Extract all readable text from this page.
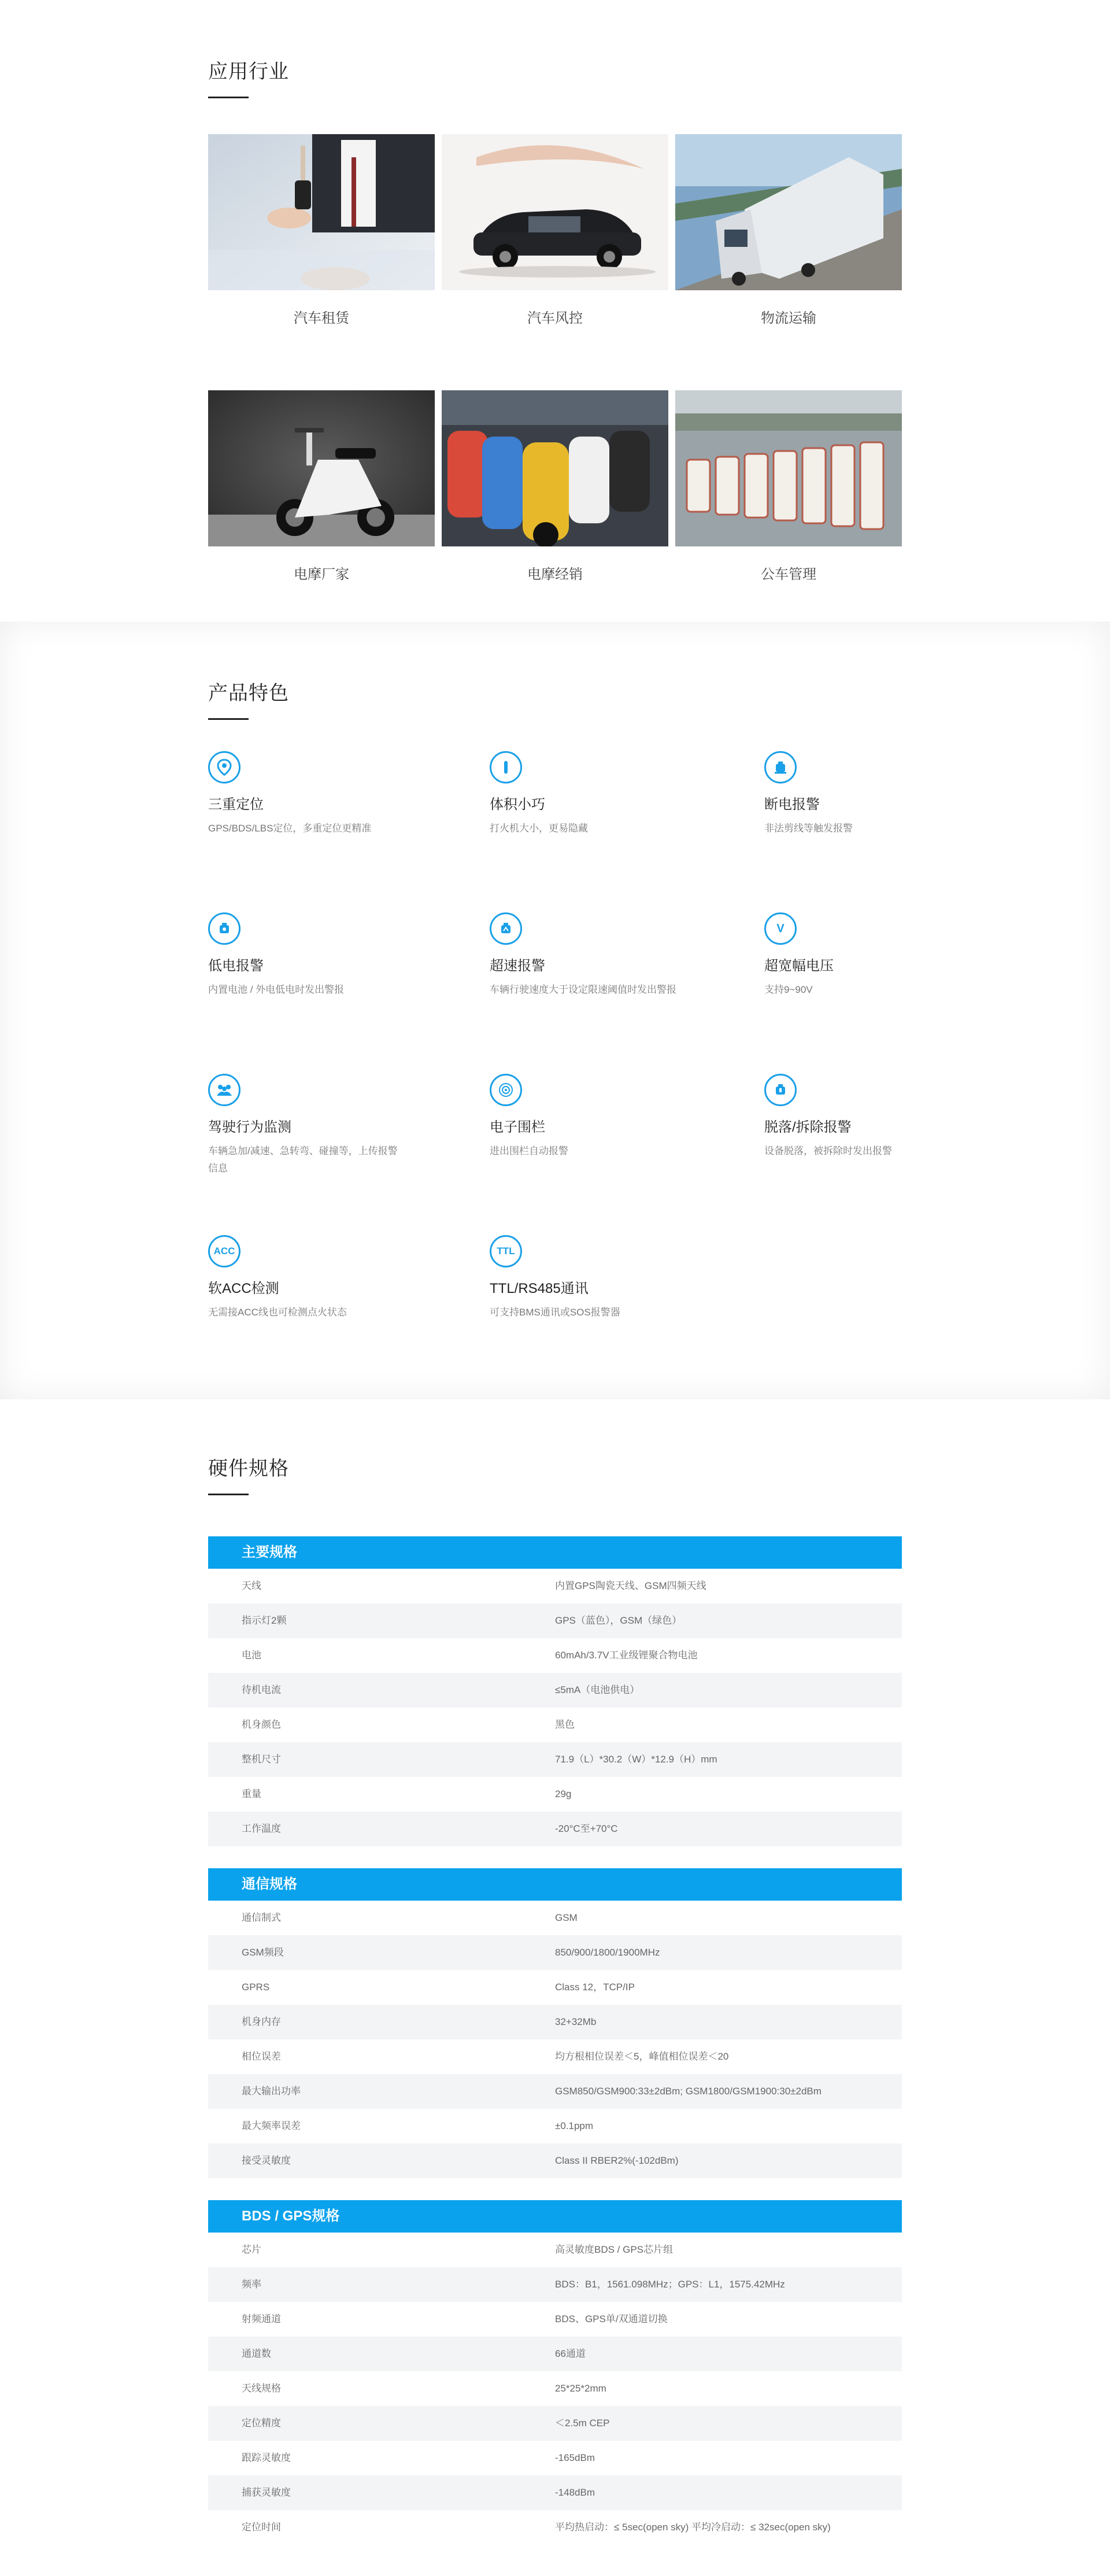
应用行业
汽车租赁	汽车风控	物流运输
电摩厂家	电摩经销	公车管理
产品特色
三重定位
GPS/BDS/LBS定位，多重定位更精准
体积小巧
打火机大小，更易隐藏
断电报警
非法剪线等触发报警
低电报警
内置电池 / 外电低电时发出警报
超速报警
车辆行驶速度大于设定限速阈值时发出警报
V
超宽幅电压
支持9~90V
驾驶行为监测
车辆急加/减速、急转弯、碰撞等，上传报警信息
电子围栏
进出围栏自动报警
脱落/拆除报警
设备脱落，被拆除时发出报警
ACC
软ACC检测
无需接ACC线也可检测点火状态
TTL
TTL/RS485通讯
可支持BMS通讯或SOS报警器
硬件规格
主要规格
天线	内置GPS陶瓷天线、GSM四频天线
指示灯2颗	GPS（蓝色），GSM（绿色）
电池	60mAh/3.7V工业级锂聚合物电池
待机电流	≤5mA（电池供电）
机身颜色	黑色
整机尺寸	71.9（L）*30.2（W）*12.9（H）mm
重量	29g
工作温度	-20°C至+70°C
通信规格
通信制式	GSM
GSM频段	850/900/1800/1900MHz
GPRS	Class 12，TCP/IP
机身内存	32+32Mb
相位误差	均方根相位误差＜5，峰值相位误差＜20
最大输出功率	GSM850/GSM900:33±2dBm; GSM1800/GSM1900:30±2dBm
最大频率误差	±0.1ppm
接受灵敏度	Class II RBER2%(-102dBm)
BDS / GPS规格
芯片	高灵敏度BDS / GPS芯片组
频率	BDS：B1，1561.098MHz；GPS：L1，1575.42MHz
射频通道	BDS、GPS单/双通道切换
通道数	66通道
天线规格	25*25*2mm
定位精度	＜2.5m CEP
跟踪灵敏度	-165dBm
捕获灵敏度	-148dBm
定位时间	平均热启动：≤ 5sec(open sky) 平均冷启动：≤ 32sec(open sky)
